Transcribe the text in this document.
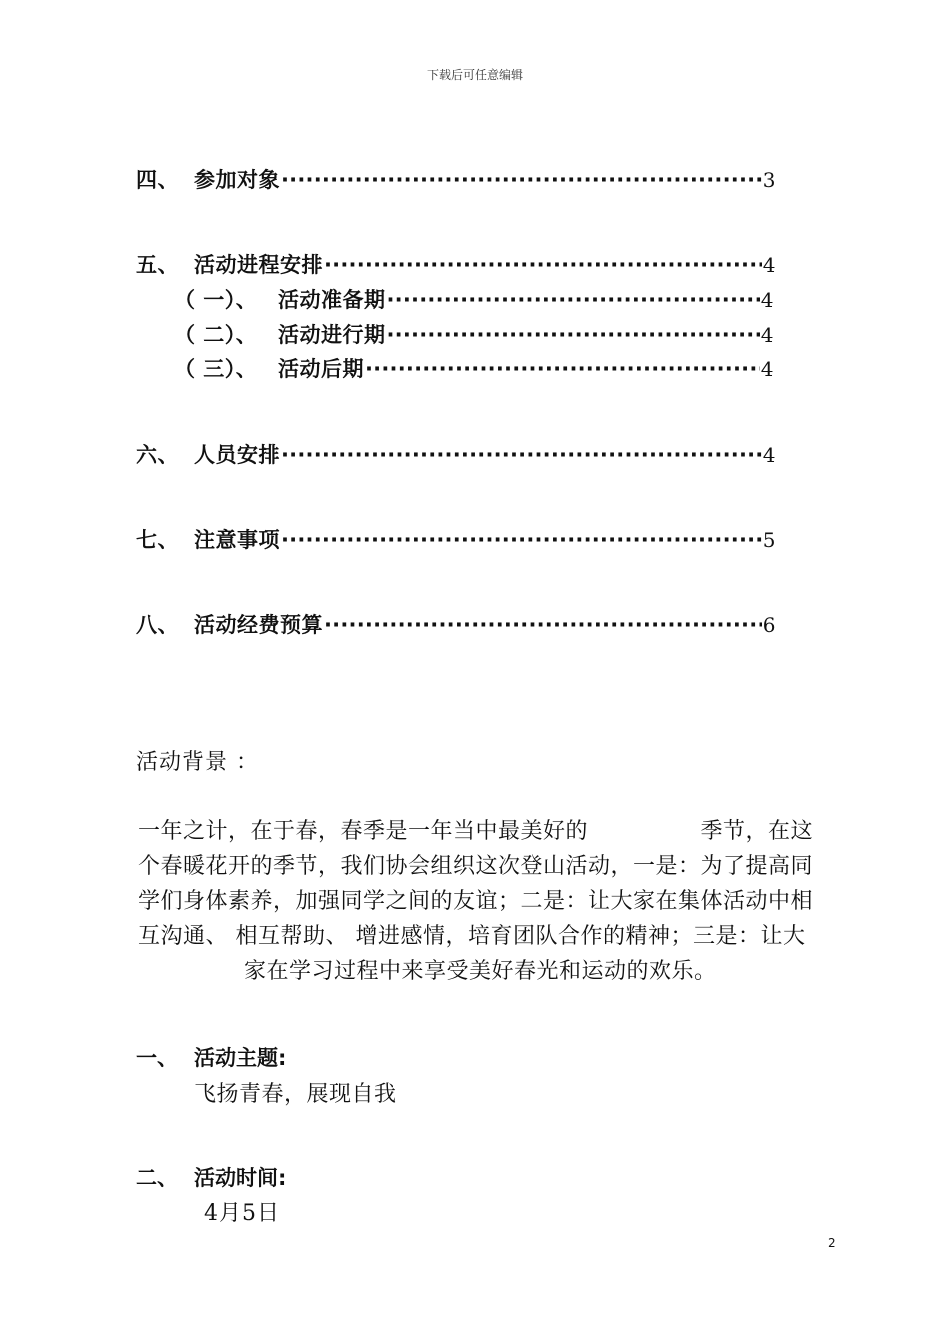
下载后可任意编辑
四、 参加对象 ·····	3
五、 活动进程安排 ·····	4
（ 一）、 活动准备期 ·····	4
（ 二）、 活动进行期 ·····	4
（ 三）、 活动后期 ·····	4
六、 人员安排 ·····	4
七、 注意事项 ·····	5
八、 活动经费预算 ·····	6
活动背景 ：
一年之计，在于春，春季是一年当中最美好的　　　　　季节，在这
个春暖花开的季节，我们协会组织这次登山活动，一是：为了提高同
学们身体素养，加强同学之间的友谊；二是：让大家在集体活动中相
互沟通、 相互帮助、 增进感情，培育团队合作的精神；三是：让大
家在学习过程中来享受美好春光和运动的欢乐。
一、 活动主题:
飞扬青春，展现自我
二、 活动时间:
4月5日
2
